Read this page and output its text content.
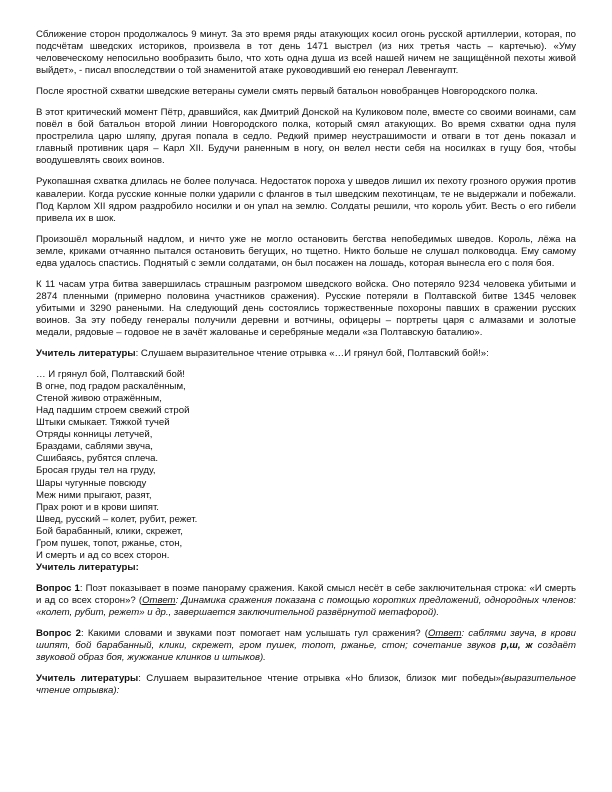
Сближение сторон продолжалось 9 минут. За это время ряды атакующих косил огонь русской артиллерии, которая, по подсчётам шведских историков, произвела в тот день 1471 выстрел (из них третья часть – картечью). «Уму человеческому непосильно вообразить было, что хоть одна душа из всей нашей ничем не защищённой пехоты живой выйдет», - писал впоследствии о той знаменитой атаке руководивший ею генерал Левенгаупт.

После яростной схватки шведские ветераны сумели смять первый батальон новобранцев Новгородского полка.

В этот критический момент Пётр, дравшийся, как Дмитрий Донской на Куликовом поле, вместе со своими воинами, сам повёл в бой батальон второй линии Новгородского полка, который смял атакующих. Во время схватки одна пуля прострелила царю шляпу, другая попала в седло. Редкий пример неустрашимости и отваги в тот день показал и главный противник царя – Карл XII. Будучи раненным в ногу, он велел нести себя на носилках в гущу боя, чтобы воодушевлять своих воинов.

Рукопашная схватка длилась не более получаса. Недостаток пороха у шведов лишил их пехоту грозного оружия против кавалерии. Когда русские конные полки ударили с флангов в тыл шведским пехотинцам, те не выдержали и побежали. Под Карлом XII ядром раздробило носилки и он упал на землю. Солдаты решили, что король убит. Весть о его гибели привела их в шок.

Произошёл моральный надлом, и ничто уже не могло остановить бегства непобедимых шведов. Король, лёжа на земле, криками отчаянно пытался остановить бегущих, но тщетно. Никто больше не слушал полководца. Ему самому едва удалось спастись. Поднятый с земли солдатами, он был посажен на лошадь, которая вынесла его с поля боя.

К 11 часам утра битва завершилась страшным разгромом шведского войска. Оно потеряло 9234 человека убитыми и 2874 пленными (примерно половина участников сражения). Русские потеряли в Полтавской битве 1345 человек убитыми и 3290 ранеными. На следующий день состоялись торжественные похороны павших в сражении русских воинов. За эту победу генералы получили деревни и вотчины, офицеры – портреты царя с алмазами и золотые медали, рядовые – годовое не в зачёт жалованье и серебряные медали «за Полтавскую баталию».

Учитель литературы: Слушаем выразительное чтение отрывка «…И грянул бой, Полтавский бой!»:

… И грянул бой, Полтавский бой!
В огне, под градом раскалённым,
Стеной живою отражённым,
Над падшим строем свежий строй
Штыки смыкает. Тяжкой тучей
Отряды конницы летучей,
Браздами, саблями звуча,
Сшибаясь, рубятся сплеча.
Бросая груды тел на груду,
Шары чугунные повсюду
Меж ними прыгают, разят,
Прах роют и в крови шипят.
Швед, русский – колет, рубит, режет.
Бой барабанный, клики, скрежет,
Гром пушек, топот, ржанье, стон,
И смерть и ад со всех сторон.

Учитель литературы:

Вопрос 1: Поэт показывает в поэме панораму сражения. Какой смысл несёт в себе заключительная строка: «И смерть и ад со всех сторон»? (Ответ: Динамика сражения показана с помощью коротких предложений, однородных членов: «колет, рубит, режет» и др., завершается заключительной развёрнутой метафорой).

Вопрос 2: Какими словами и звуками поэт помогает нам услышать гул сражения? (Ответ: саблями звуча, в крови шипят, бой барабанный, клики, скрежет, гром пушек, топот, ржанье, стон; сочетание звуков р,ш, ж создаёт звуковой образ боя, жужжание клинков и штыков).

Учитель литературы: Слушаем выразительное чтение отрывка «Но близок, близок миг победы»(выразительное чтение отрывка):
